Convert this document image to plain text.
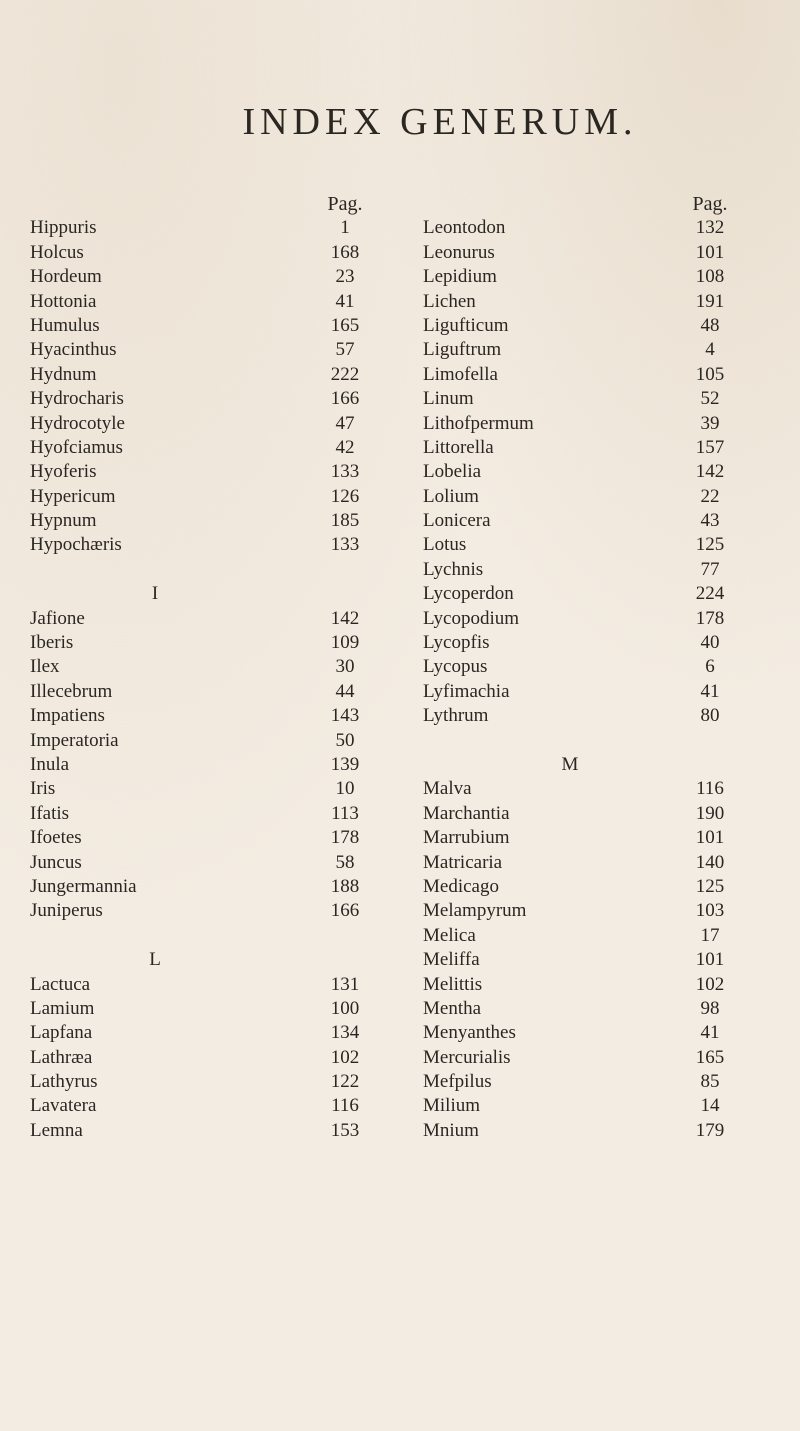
INDEX GENERUM.
Pag.
Hippuris	1
Holcus	168
Hordeum	23
Hottonia	41
Humulus	165
Hyacinthus	57
Hydnum	222
Hydrocharis	166
Hydrocotyle	47
Hyofciamus	42
Hyoferis	133
Hypericum	126
Hypnum	185
Hypochæris	133
I
Jafione	142
Iberis	109
Ilex	30
Illecebrum	44
Impatiens	143
Imperatoria	50
Inula	139
Iris	10
Ifatis	113
Ifoetes	178
Juncus	58
Jungermannia	188
Juniperus	166
L
Lactuca	131
Lamium	100
Lapfana	134
Lathræa	102
Lathyrus	122
Lavatera	116
Lemna	153
Pag.
Leontodon	132
Leonurus	101
Lepidium	108
Lichen	191
Ligufticum	48
Liguftrum	4
Limofella	105
Linum	52
Lithofpermum	39
Littorella	157
Lobelia	142
Lolium	22
Lonicera	43
Lotus	125
Lychnis	77
Lycoperdon	224
Lycopodium	178
Lycopfis	40
Lycopus	6
Lyfimachia	41
Lythrum	80
M
Malva	116
Marchantia	190
Marrubium	101
Matricaria	140
Medicago	125
Melampyrum	103
Melica	17
Meliffa	101
Melittis	102
Mentha	98
Menyanthes	41
Mercurialis	165
Mefpilus	85
Milium	14
Mnium	179
